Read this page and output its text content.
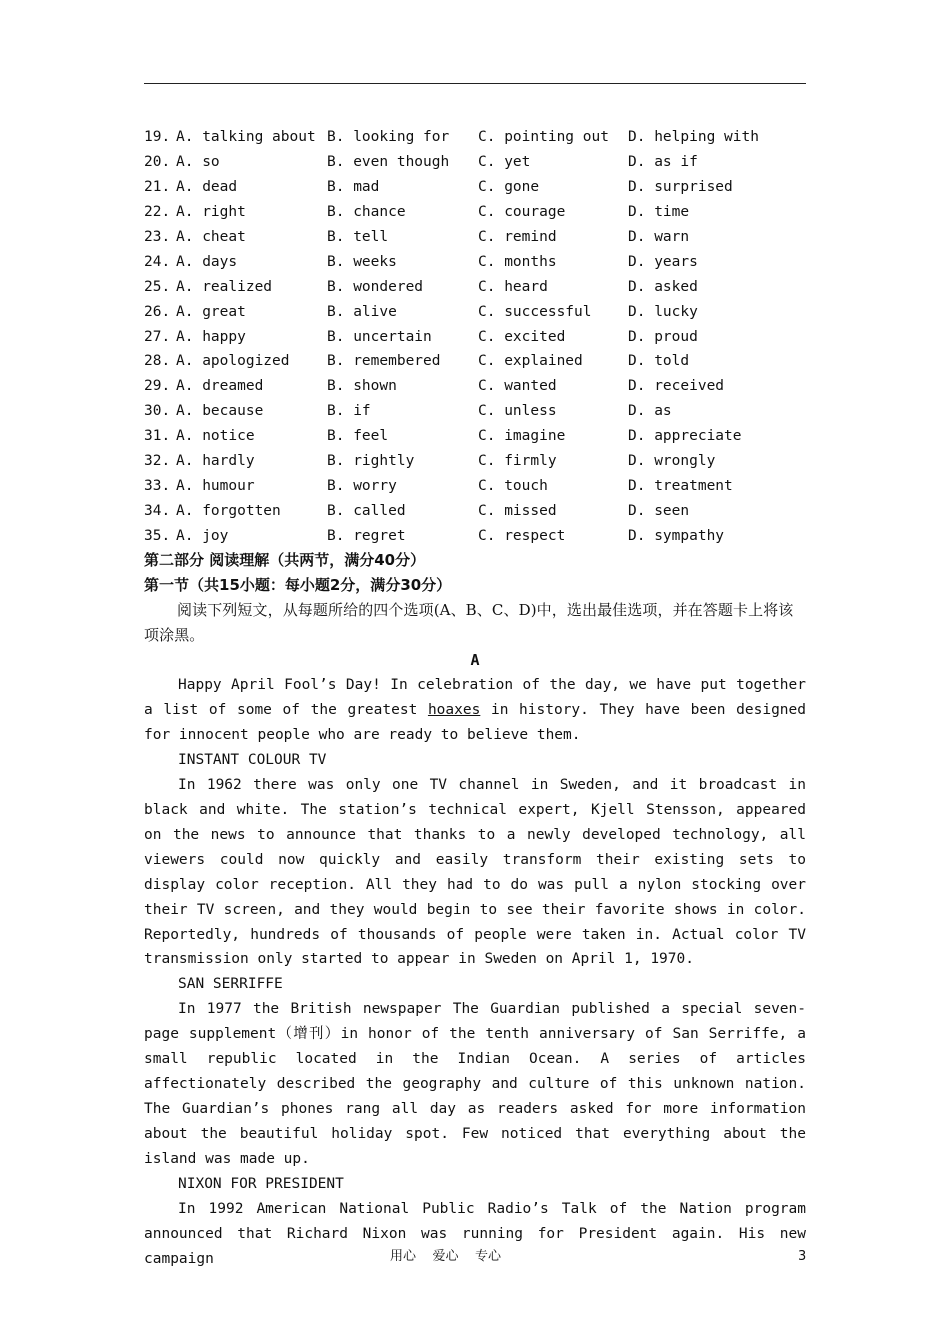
19. A. talking about B. looking for C. pointing out D. helping with
20. A. so	B. even though C. yet	D. as if
21. A. dead	B. mad	C. gone	D. surprised
22. A. right	B. chance	C. courage	D. time
23. A. cheat	B. tell	C. remind	D. warn
24. A. days	B. weeks	C. months	D. years
25. A. realized	B. wondered	C. heard	D. asked
26. A. great	B. alive	C. successful	D. lucky
27. A. happy	B. uncertain	C. excited	D. proud
28. A. apologized	B. remembered	C. explained	D. told
29. A. dreamed	B. shown	C. wanted	D. received
30. A. because	B. if	C. unless	D. as
31. A. notice	B. feel	C. imagine	D. appreciate
32. A. hardly	B. rightly	C. firmly	D. wrongly
33. A. humour	B. worry	C. touch	D. treatment
34. A. forgotten	B. called	C. missed	D. seen
35. A. joy	B. regret	C. respect	D. sympathy
第二部分 阅读理解（共两节，满分40分）
第一节（共15小题：每小题2分，满分30分）

阅读下列短文，从每题所给的四个选项(A、B、C、D)中，选出最佳选项，并在答题卡上将该项涂黑。

A

Happy April Fool’s Day! In celebration of the day, we have put together a list of some of the greatest hoaxes in history. They have been designed for innocent people who are ready to believe them.

INSTANT COLOUR TV

In 1962 there was only one TV channel in Sweden, and it broadcast in black and white. The station’s technical expert, Kjell Stensson, appeared on the news to announce that thanks to a newly developed technology, all viewers could now quickly and easily transform their existing sets to display color reception. All they had to do was pull a nylon stocking over their TV screen, and they would begin to see their favorite shows in color. Reportedly, hundreds of thousands of people were taken in. Actual color TV transmission only started to appear in Sweden on April 1, 1970.

SAN SERRIFFE

In 1977 the British newspaper The Guardian published a special seven-page supplement（增刊）in honor of the tenth anniversary of San Serriffe, a small republic located in the Indian Ocean. A series of articles affectionately described the geography and culture of this unknown nation. The Guardian’s phones rang all day as readers asked for more information about the beautiful holiday spot. Few noticed that everything about the island was made up.

NIXON FOR PRESIDENT

In 1992 American National Public Radio’s Talk of the Nation program announced that Richard Nixon was running for President again. His new campaign	用心    爱心    专心	3
